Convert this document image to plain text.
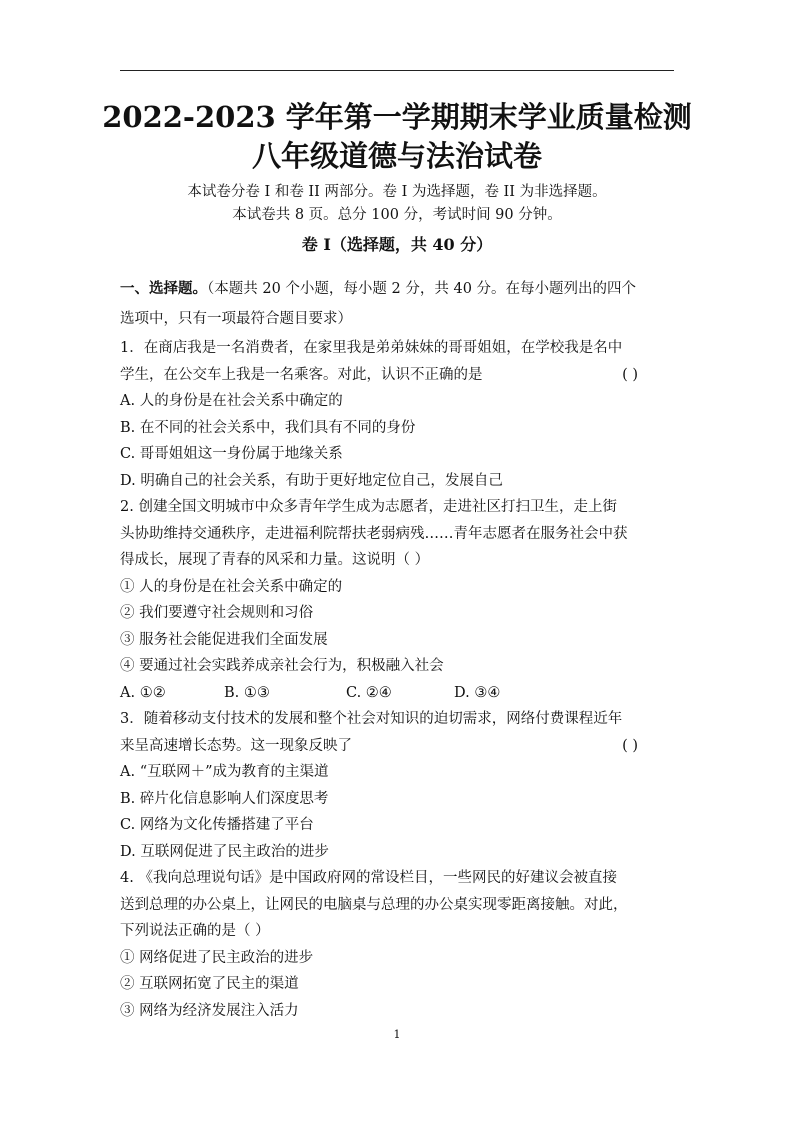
2022-2023 学年第一学期期末学业质量检测
八年级道德与法治试卷
本试卷分卷 I 和卷 II 两部分。卷 I 为选择题，卷 II 为非选择题。
本试卷共 8 页。总分 100 分，考试时间 90 分钟。
卷 I（选择题，共 40 分）
一、选择题。（本题共 20 个小题，每小题 2 分，共 40 分。在每小题列出的四个
选项中，只有一项最符合题目要求）
1．在商店我是一名消费者，在家里我是弟弟妹妹的哥哥姐姐，在学校我是名中
学生，在公交车上我是一名乘客。对此，认识不正确的是	( )
A. 人的身份是在社会关系中确定的
B. 在不同的社会关系中，我们具有不同的身份
C. 哥哥姐姐这一身份属于地缘关系
D. 明确自己的社会关系，有助于更好地定位自己，发展自己
2. 创建全国文明城市中众多青年学生成为志愿者，走进社区打扫卫生，走上街
头协助维持交通秩序，走进福利院帮扶老弱病残……青年志愿者在服务社会中获
得成长，展现了青春的风采和力量。这说明（ ）
① 人的身份是在社会关系中确定的
② 我们要遵守社会规则和习俗
③ 服务社会能促进我们全面发展
④ 要通过社会实践养成亲社会行为，积极融入社会
A. ①②	B. ①③	C. ②④	D. ③④
3．随着移动支付技术的发展和整个社会对知识的迫切需求，网络付费课程近年
来呈高速增长态势。这一现象反映了	( )
A. “互联网＋”成为教育的主渠道
B. 碎片化信息影响人们深度思考
C. 网络为文化传播搭建了平台
D. 互联网促进了民主政治的进步
4. 《我向总理说句话》是中国政府网的常设栏目，一些网民的好建议会被直接
送到总理的办公桌上，让网民的电脑桌与总理的办公桌实现零距离接触。对此，
下列说法正确的是（ ）
① 网络促进了民主政治的进步
② 互联网拓宽了民主的渠道
③ 网络为经济发展注入活力
1
